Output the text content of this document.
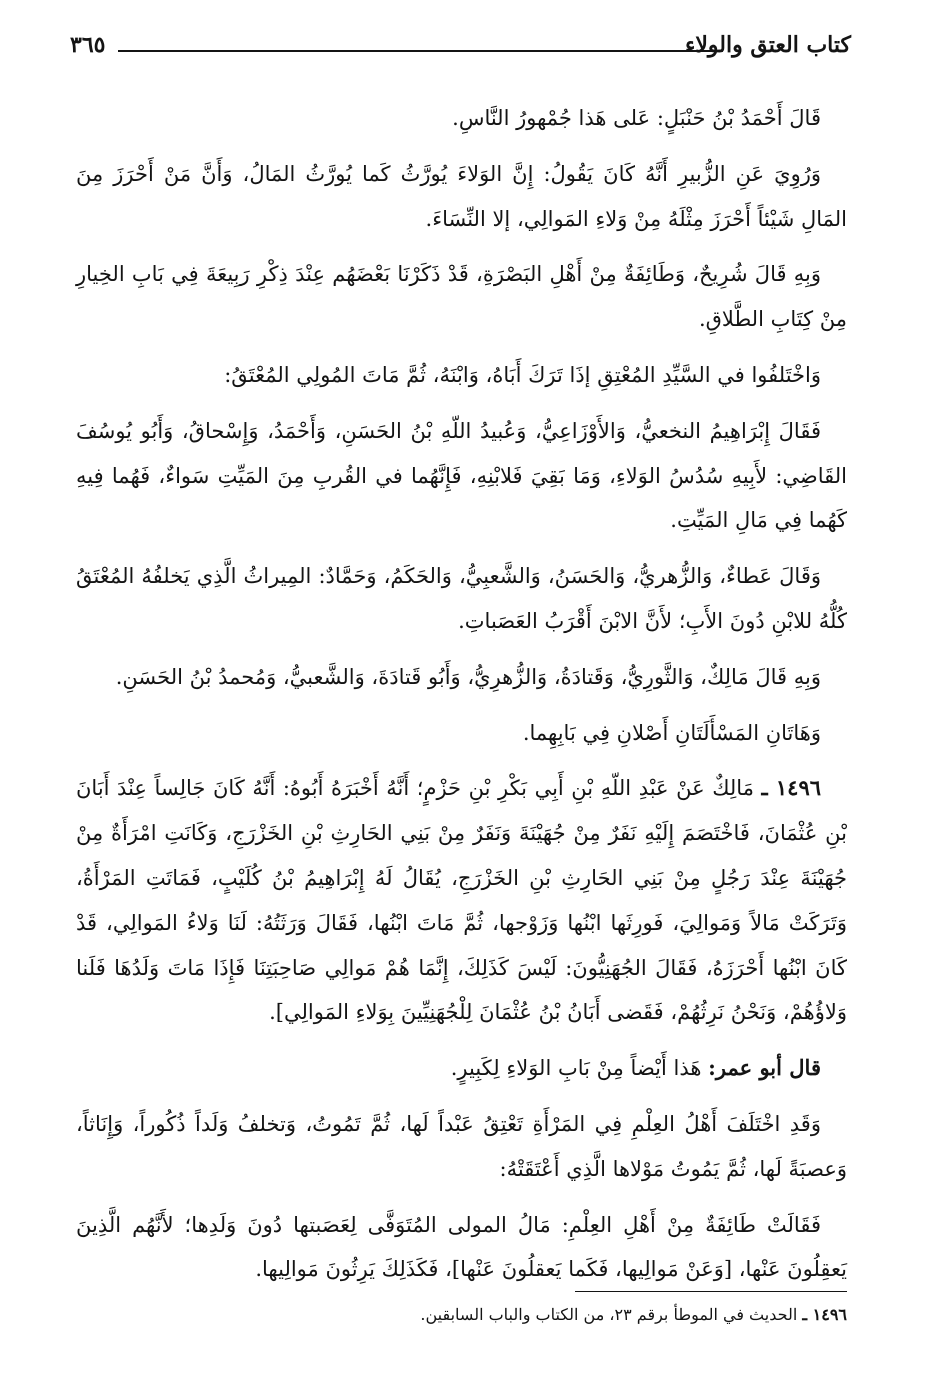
كتاب العتق والولاء
٣٦٥

قَالَ أَحْمَدُ بْنُ حَنْبَلٍ: عَلى هَذا جُمْهورُ النَّاسِ.

وَرُوِيَ عَنِ الزُّبيرِ أَنَّهُ كَانَ يَقُولُ: إِنَّ الوَلاءَ يُورَّثُ كَما يُورَّثُ المَالُ، وَأَنَّ مَنْ أَحْرَزَ مِنَ المَالِ شَيْئاً أَحْرَزَ مِثْلَهُ مِنْ وَلاءِ المَوالِي، إلا النِّسَاءَ.

وَبِهِ قَالَ شُرِيحٌ، وَطَائِفَةٌ مِنْ أَهْلِ البَصْرَةِ، قَدْ ذَكَرْنَا بَعْضَهُم عِنْدَ ذِكْرِ رَبِيعَةَ فِي بَابِ الخِيارِ مِنْ كِتَابِ الطَّلاقِ.

وَاخْتَلفُوا في السَّيِّدِ المُعْتِقِ إذَا تَرَكَ أَبَاهُ، وَابْنَهُ، ثُمَّ مَاتَ المُولِي المُعْتَقُ:

فَقَالَ إِبْرَاهِيمُ النخعيُّ، وَالأَوْزَاعِيُّ، وَعُبيدُ اللّهِ بْنُ الحَسَنِ، وَأَحْمَدُ، وَإِسْحاقُ، وَأَبُو يُوسُفَ القَاضِي: لأَبِيهِ سُدُسُ الوَلاءِ، وَمَا بَقِيَ فَلابْنِهِ، فَإِنَّهُما في القُربِ مِنَ المَيِّتِ سَواءٌ، فَهُما فِيهِ كَهُما فِي مَالِ المَيِّتِ.

وَقَالَ عَطاءٌ، وَالزُّهريُّ، وَالحَسَنُ، وَالشَّعبِيُّ، وَالحَكَمُ، وَحَمَّادٌ: المِيراثُ الَّذِي يَخلفُهُ المُعْتَقُ كُلُّهُ للابْنِ دُونَ الأَبِ؛ لأَنَّ الابْنَ أَقْرَبُ العَصَباتِ.

وَبِهِ قَالَ مَالِكٌ، وَالثَّورِيُّ، وَقَتادَةُ، وَالزُّهرِيُّ، وَأَبُو قَتادَةَ، وَالشَّعبيُّ، وَمُحمدُ بْنُ الحَسَنِ.

وَهَاتَانِ المَسْأَلَتَانِ أَصْلانِ فِي بَابِهِما.

١٤٩٦ ـ مَالِكٌ عَنْ عَبْدِ اللّهِ بْنِ أَبِي بَكْرِ بْنِ حَزْمٍ؛ أَنَّهُ أَخْبَرَهُ أَبُوهُ: أَنَّهُ كَانَ جَالِساً عِنْدَ أَبَانَ بْنِ عُثْمَانَ، فَاخْتَصَمَ إِلَيْهِ نَفَرٌ مِنْ جُهَيْنَةَ وَنَفَرٌ مِنْ بَنِي الحَارِثِ بْنِ الخَزْرَجِ، وَكَانَتِ امْرَأَةٌ مِنْ جُهَيْنَةَ عِنْدَ رَجُلٍ مِنْ بَنِي الحَارِثِ بْنِ الخَزْرَجِ، يُقَالُ لَهُ إِبْرَاهِيمُ بْنُ كُلَيْبٍ، فَمَاتَتِ المَرْأَةُ، وَتَرَكَتْ مَالاً وَمَوالِيَ، فَورِثَها ابْنُها وَزَوْجها، ثُمَّ مَاتَ ابْنُها، فَقَالَ وَرَثَتُهُ: لَنَا وَلاءُ المَوالِي، قَدْ كَانَ ابْنُها أَحْرَزَهُ، فَقَالَ الجُهَنِيُّونَ: لَيْسَ كَذَلِكَ، إِنَّمَا هُمْ مَوالِي صَاحِبَتِنَا فَإِذَا مَاتَ وَلَدُهَا فَلَنا وَلاؤُهُمْ، وَنَحْنُ نَرِثُهُمْ، فَقَضى أَبَانُ بْنُ عُثْمَانَ لِلْجُهَنِيِّينَ بِوَلاءِ المَوالِي].

قال أبو عمر: هَذا أَيْضاً مِنْ بَابِ الوَلاءِ لِكَبِيرٍ.

وَقَدِ اخْتَلَفَ أَهْلُ العِلْمِ فِي المَرْأَةِ تَعْتِقُ عَبْداً لَها، ثُمَّ تَمُوتُ، وَتخلفُ وَلَداً ذُكُوراً، وَإِنَاثاً، وَعصبَةً لَها، ثُمَّ يَمُوتُ مَوْلاها الَّذِي أَعْتَقَتْهُ:

فَقَالَتْ طَائِفَةٌ مِنْ أَهْلِ العِلْمِ: مَالُ المولى المُتَوَفَّى لِعَصَبتها دُونَ وَلَدِها؛ لأَنَّهُم الَّذِينَ يَعقِلُونَ عَنْها، [وَعَنْ مَوالِيها، فَكَما يَعقلُونَ عَنْها]، فَكَذَلِكَ يَرِثُونَ مَوالِيها.

١٤٩٦ ـ الحديث في الموطأ برقم ٢٣، من الكتاب والباب السابقين.
